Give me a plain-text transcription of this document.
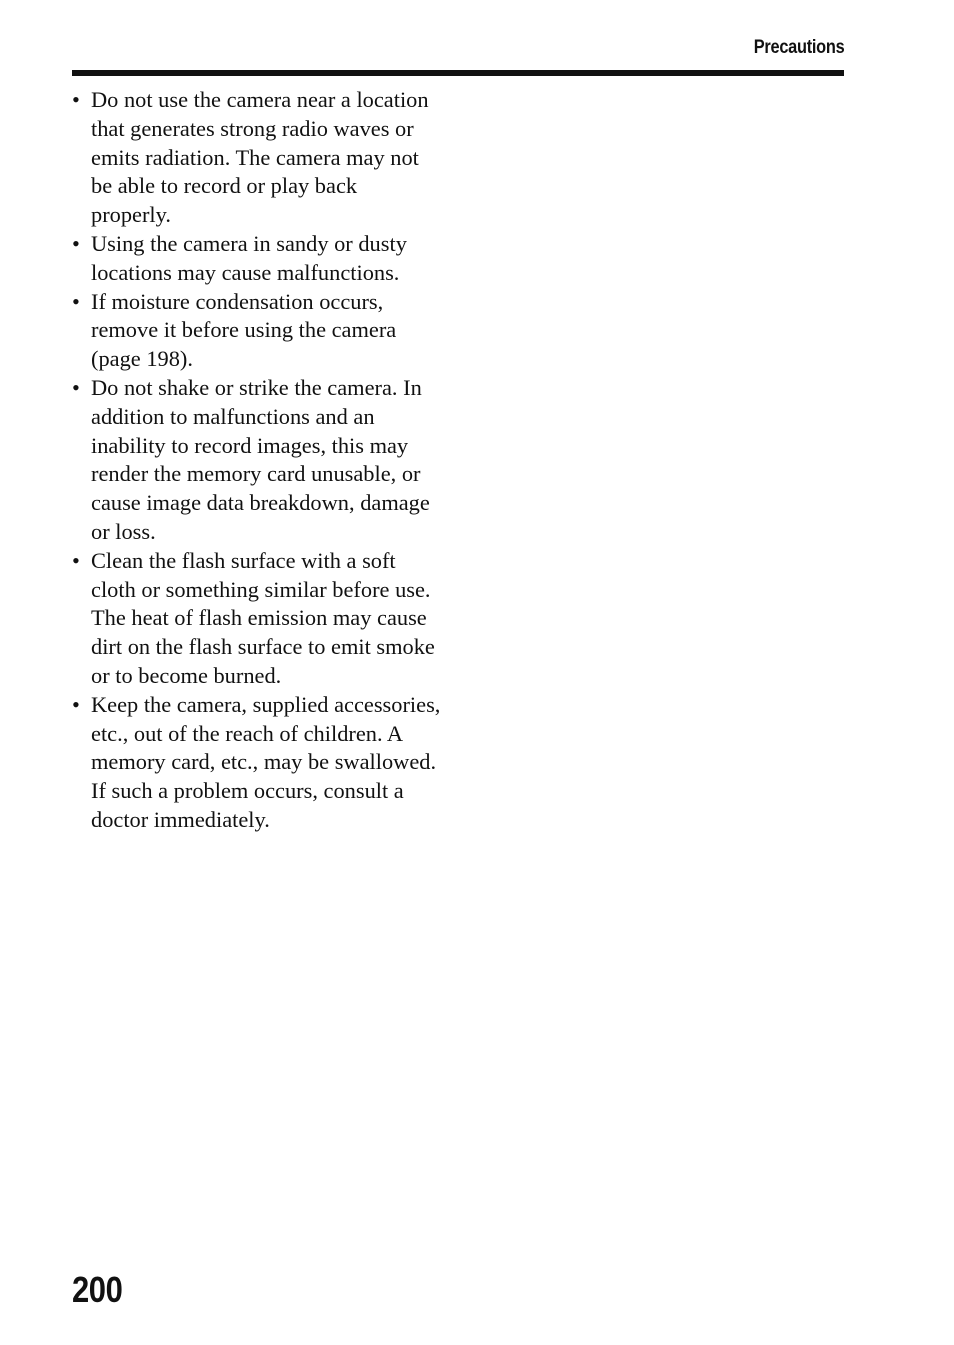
Precautions
• Do not use the camera near a location that generates strong radio waves or emits radiation. The camera may not be able to record or play back properly.
• Using the camera in sandy or dusty locations may cause malfunctions.
• If moisture condensation occurs, remove it before using the camera (page 198).
• Do not shake or strike the camera. In addition to malfunctions and an inability to record images, this may render the memory card unusable, or cause image data breakdown, damage or loss.
• Clean the flash surface with a soft cloth or something similar before use. The heat of flash emission may cause dirt on the flash surface to emit smoke or to become burned.
• Keep the camera, supplied accessories, etc., out of the reach of children. A memory card, etc., may be swallowed. If such a problem occurs, consult a doctor immediately.
200
